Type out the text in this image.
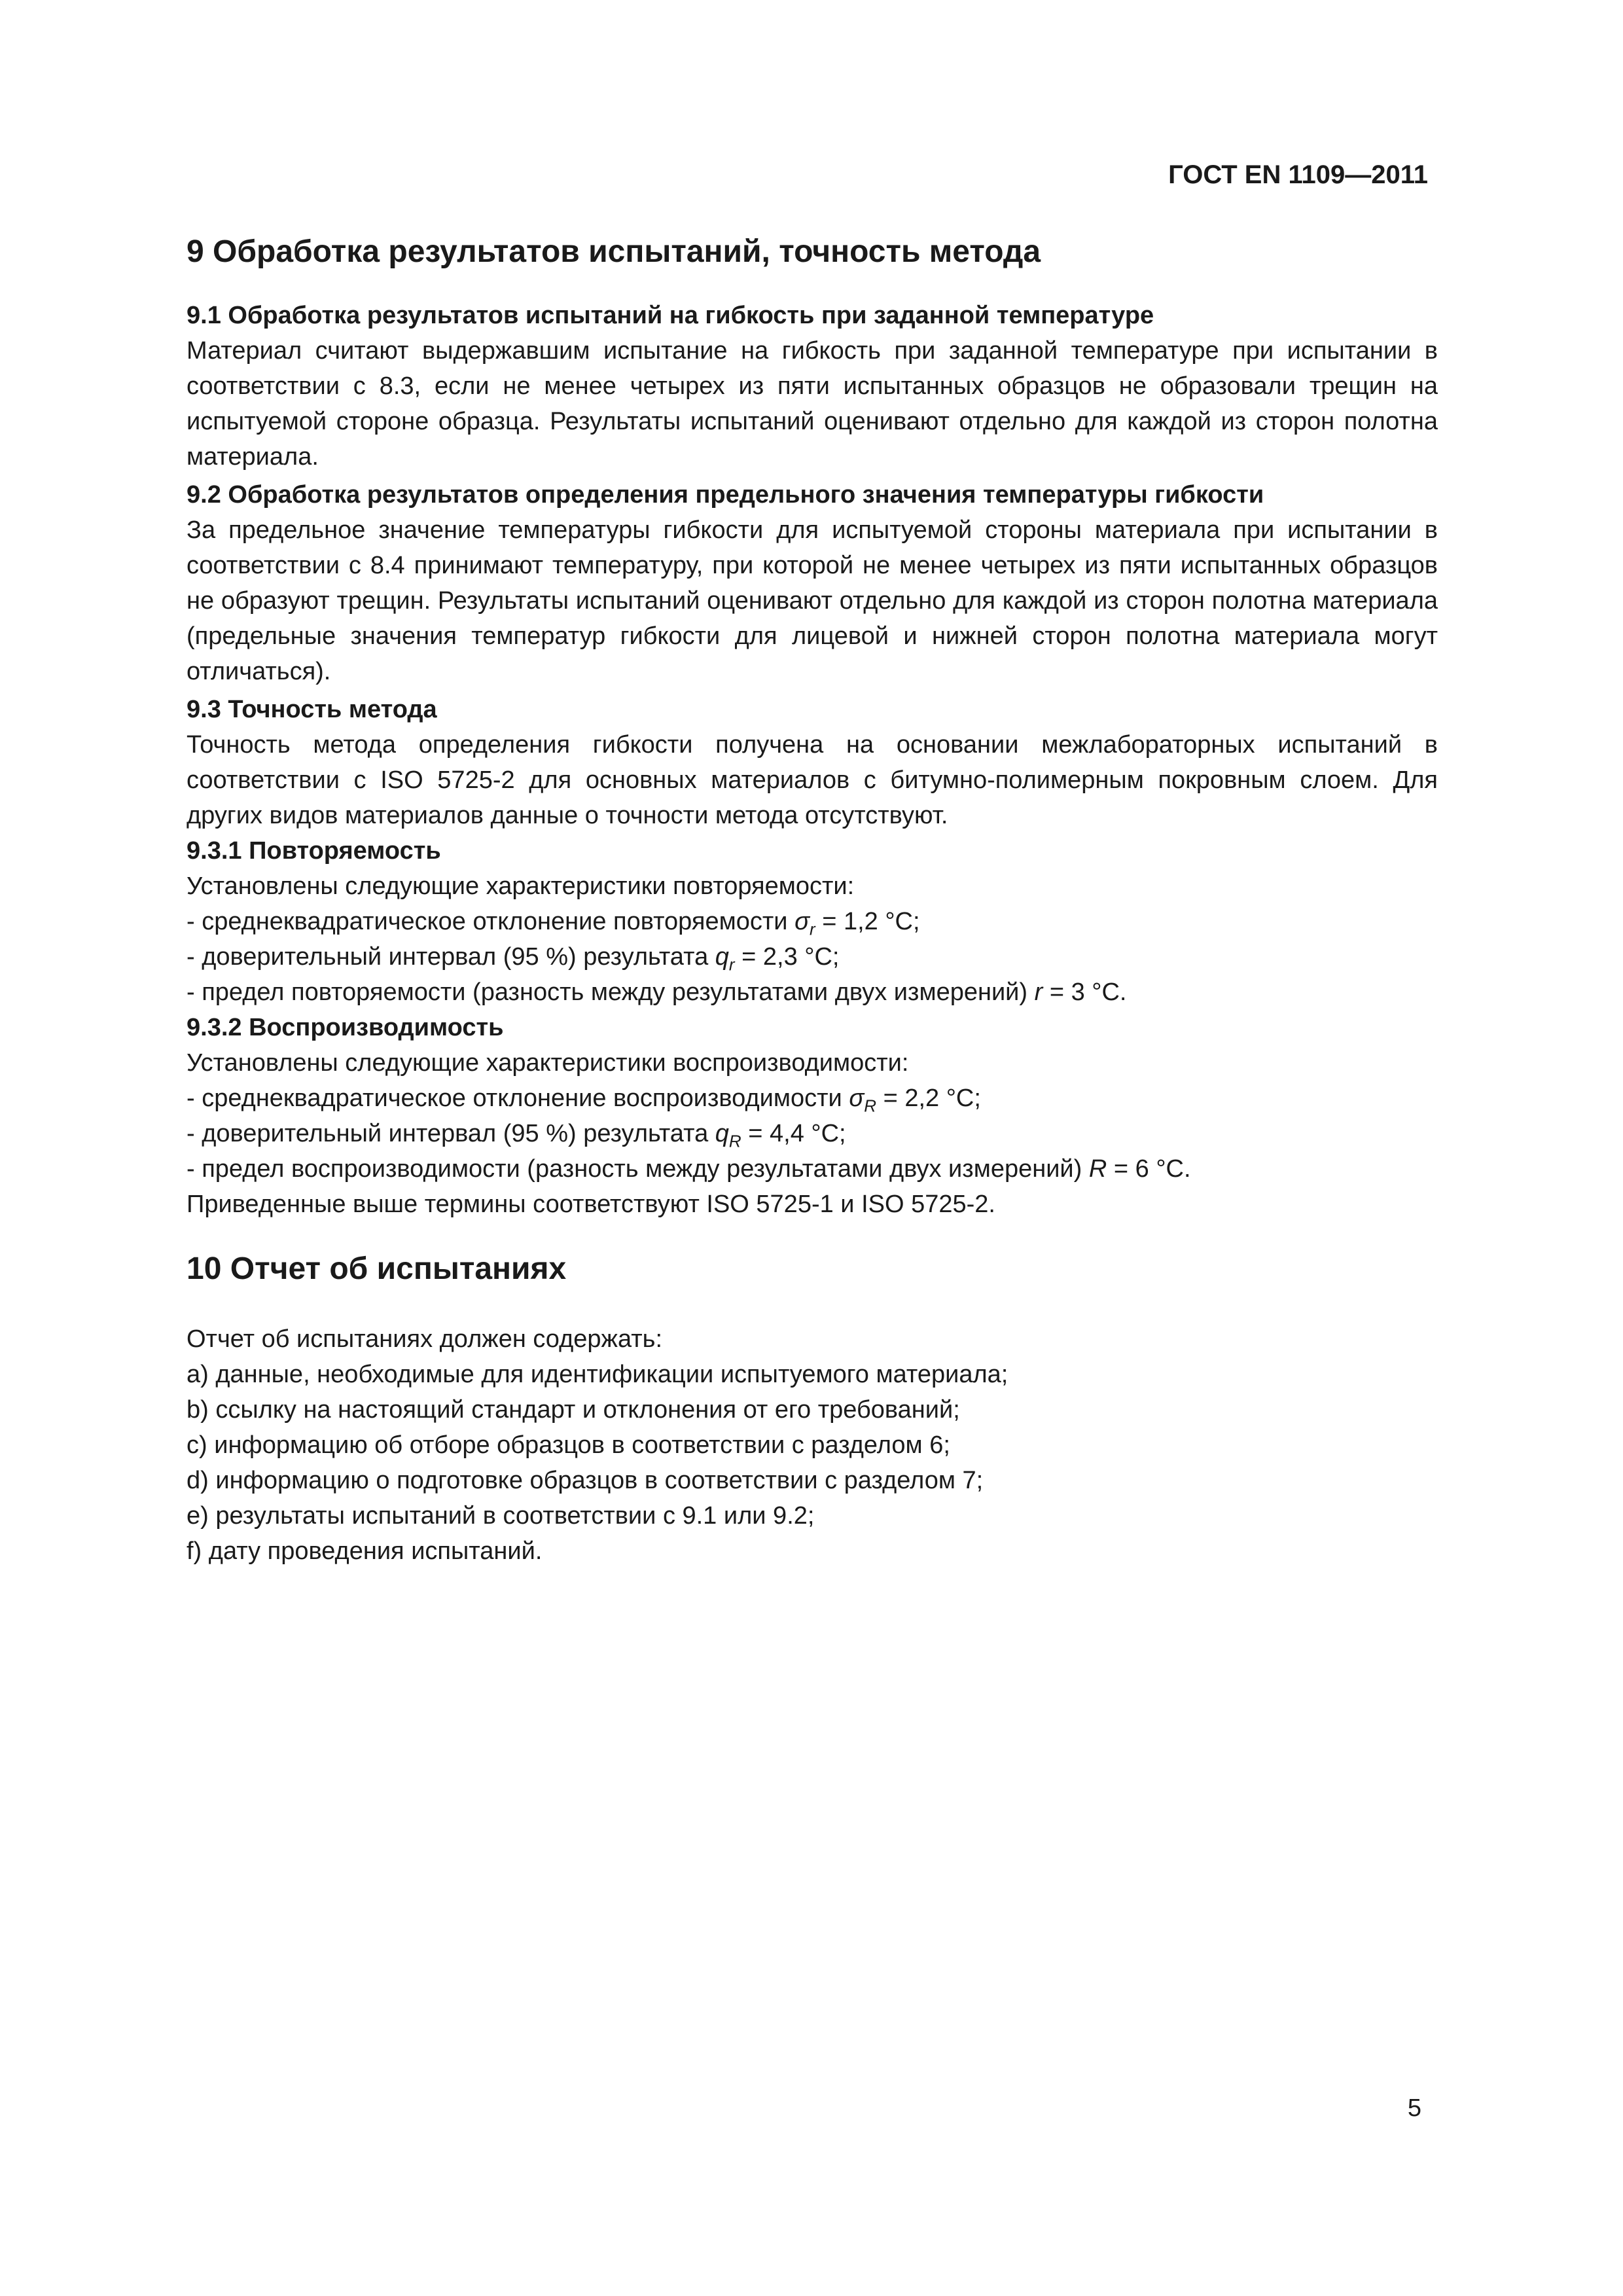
ГОСТ EN 1109—2011
9 Обработка результатов испытаний, точность метода
9.1 Обработка результатов испытаний на гибкость при заданной температуре
Материал считают выдержавшим испытание на гибкость при заданной температуре при испытании в соответствии с 8.3, если не менее четырех из пяти испытанных образцов не образовали трещин на испытуемой стороне образца. Результаты испытаний оценивают отдельно для каждой из сторон полотна материала.
9.2 Обработка результатов определения предельного значения температуры гибкости
За предельное значение температуры гибкости для испытуемой стороны материала при испытании в соответствии с 8.4 принимают температуру, при которой не менее четырех из пяти испытанных образцов не образуют трещин. Результаты испытаний оценивают отдельно для каждой из сторон полотна материала (предельные значения температур гибкости для лицевой и нижней сторон полотна материала могут отличаться).
9.3 Точность метода
Точность метода определения гибкости получена на основании межлабораторных испытаний в соответствии с ISO 5725-2 для основных материалов с битумно-полимерным покровным слоем. Для других видов материалов данные о точности метода отсутствуют.
9.3.1 Повторяемость
Установлены следующие характеристики повторяемости:
- среднеквадратическое отклонение повторяемости $\sigma_r = 1,2$ °С;
- доверительный интервал (95 %) результата $q_r = 2,3$ °С;
- предел повторяемости (разность между результатами двух измерений) r = 3 °С.
9.3.2 Воспроизводимость
Установлены следующие характеристики воспроизводимости:
- среднеквадратическое отклонение воспроизводимости $\sigma_R = 2,2$ °С;
- доверительный интервал (95 %) результата $q_R = 4,4$ °С;
- предел воспроизводимости (разность между результатами двух измерений) R = 6 °С.
Приведенные выше термины соответствуют ISO 5725-1 и ISO 5725-2.
10 Отчет об испытаниях
Отчет об испытаниях должен содержать:
a) данные, необходимые для идентификации испытуемого материала;
b) ссылку на настоящий стандарт и отклонения от его требований;
c) информацию об отборе образцов в соответствии с разделом 6;
d) информацию о подготовке образцов в соответствии с разделом 7;
e) результаты испытаний в соответствии с 9.1 или 9.2;
f) дату проведения испытаний.
5
